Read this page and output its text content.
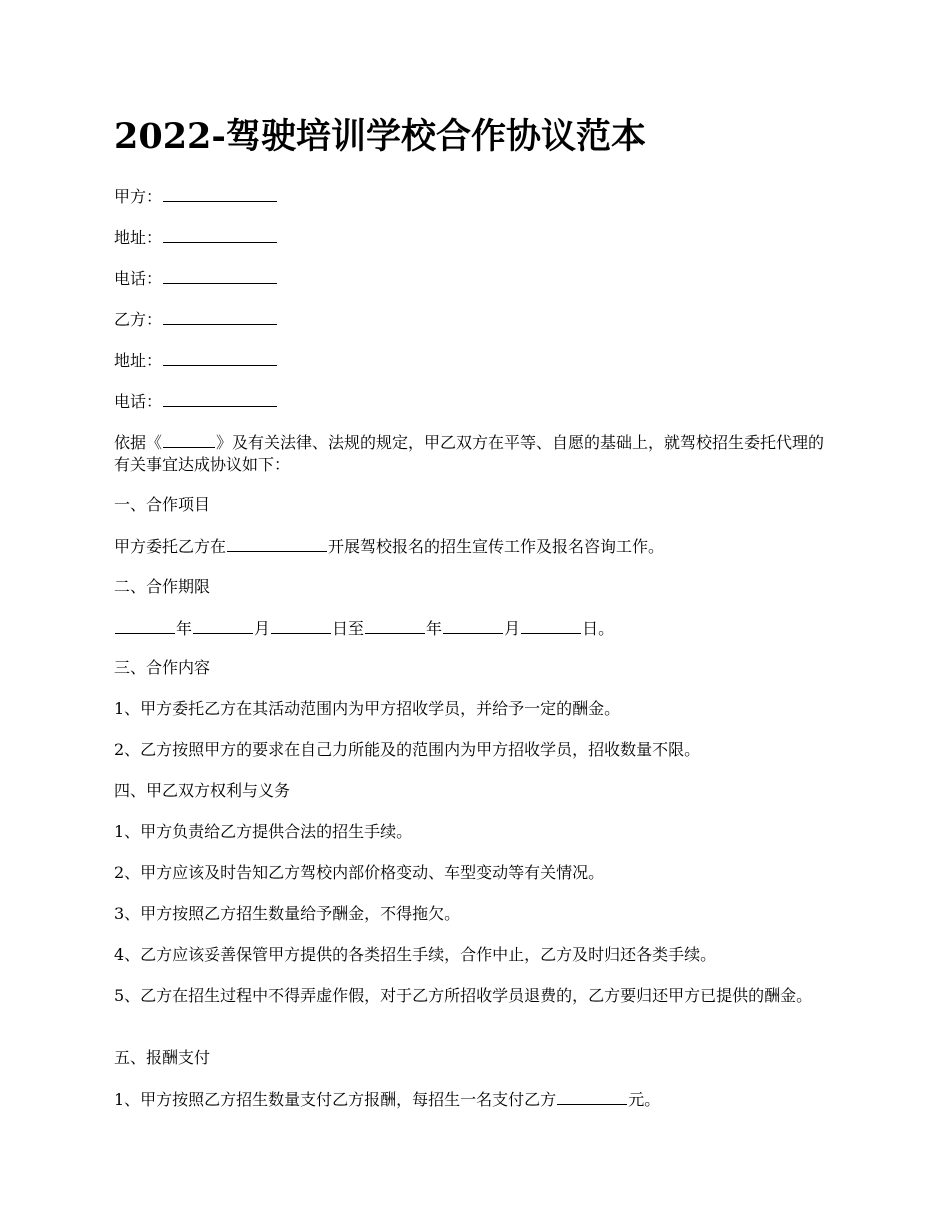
2022-驾驶培训学校合作协议范本

甲方：

地址：

电话：

乙方：

地址：

电话：

依据《	》及有关法律、法规的规定，甲乙双方在平等、自愿的基础上，就驾校招生委托代理的有关事宜达成协议如下：

一、合作项目

甲方委托乙方在	开展驾校报名的招生宣传工作及报名咨询工作。

二、合作期限

年	月	日至	年	月	日。

三、合作内容

1、甲方委托乙方在其活动范围内为甲方招收学员，并给予一定的酬金。

2、乙方按照甲方的要求在自己力所能及的范围内为甲方招收学员，招收数量不限。

四、甲乙双方权利与义务

1、甲方负责给乙方提供合法的招生手续。

2、甲方应该及时告知乙方驾校内部价格变动、车型变动等有关情况。

3、甲方按照乙方招生数量给予酬金，不得拖欠。

4、乙方应该妥善保管甲方提供的各类招生手续，合作中止，乙方及时归还各类手续。

5、乙方在招生过程中不得弄虚作假，对于乙方所招收学员退费的，乙方要归还甲方已提供的酬金。

五、报酬支付

1、甲方按照乙方招生数量支付乙方报酬，每招生一名支付乙方	元。
